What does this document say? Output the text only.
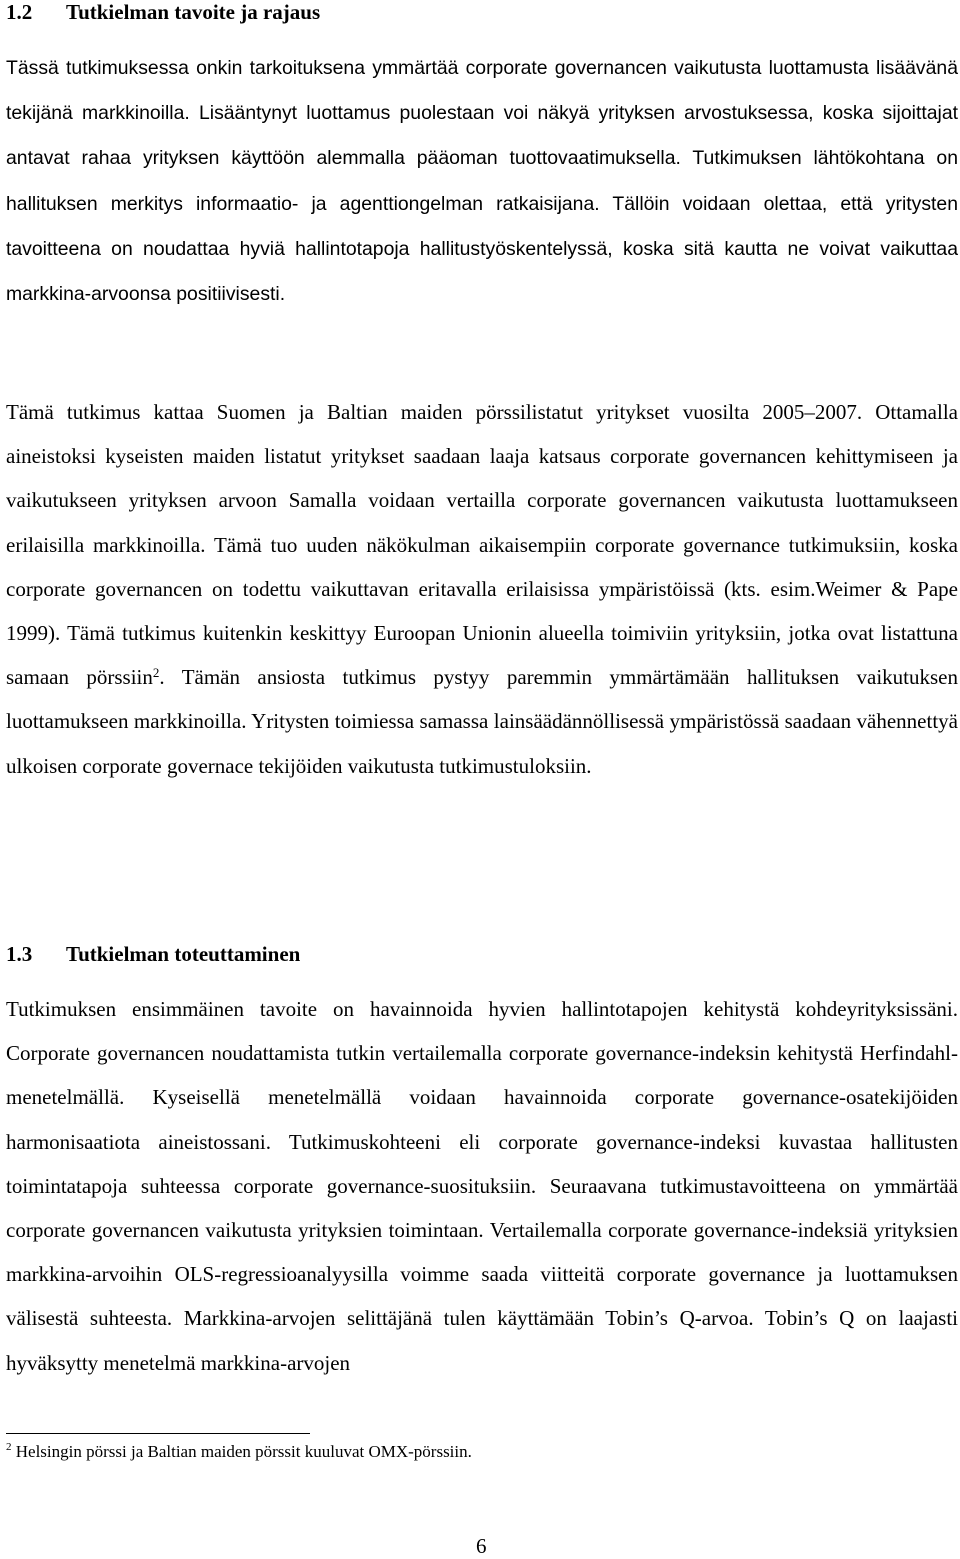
1.2 Tutkielman tavoite ja rajaus

Tässä tutkimuksessa onkin tarkoituksena ymmärtää corporate governancen vaikutusta luottamusta lisäävänä tekijänä markkinoilla. Lisääntynyt luottamus puolestaan voi näkyä yrityksen arvostuksessa, koska sijoittajat antavat rahaa yrityksen käyttöön alemmalla pääoman tuottovaatimuksella. Tutkimuksen lähtökohtana on hallituksen merkitys informaatio- ja agenttiongelman ratkaisijana. Tällöin voidaan olettaa, että yritysten tavoitteena on noudattaa hyviä hallintotapoja hallitustyöskentelyssä, koska sitä kautta ne voivat vaikuttaa markkina-arvoonsa positiivisesti.

Tämä tutkimus kattaa Suomen ja Baltian maiden pörssilistatut yritykset vuosilta 2005–2007. Ottamalla aineistoksi kyseisten maiden listatut yritykset saadaan laaja katsaus corporate governancen kehittymiseen ja vaikutukseen yrityksen arvoon Samalla voidaan vertailla corporate governancen vaikutusta luottamukseen erilaisilla markkinoilla. Tämä tuo uuden näkökulman aikaisempiin corporate governance tutkimuksiin, koska corporate governancen on todettu vaikuttavan eritavalla erilaisissa ympäristöissä (kts. esim.Weimer & Pape 1999). Tämä tutkimus kuitenkin keskittyy Euroopan Unionin alueella toimiviin yrityksiin, jotka ovat listattuna samaan pörssiin$^2$. Tämän ansiosta tutkimus pystyy paremmin ymmärtämään hallituksen vaikutuksen luottamukseen markkinoilla. Yritysten toimiessa samassa lainsäädännöllisessä ympäristössä saadaan vähennettyä ulkoisen corporate governace tekijöiden vaikutusta tutkimustuloksiin.

1.3 Tutkielman toteuttaminen

Tutkimuksen ensimmäinen tavoite on havainnoida hyvien hallintotapojen kehitystä kohdeyrityksissäni. Corporate governancen noudattamista tutkin vertailemalla corporate governance-indeksin kehitystä Herfindahl-menetelmällä. Kyseisellä menetelmällä voidaan havainnoida corporate governance-osatekijöiden harmonisaatiota aineistossani. Tutkimuskohteeni eli corporate governance-indeksi kuvastaa hallitusten toimintatapoja suhteessa corporate governance-suosituksiin. Seuraavana tutkimustavoitteena on ymmärtää corporate governancen vaikutusta yrityksien toimintaan. Vertailemalla corporate governance-indeksiä yrityksien markkina-arvoihin OLS-regressioanalyysilla voimme saada viitteitä corporate governance ja luottamuksen välisestä suhteesta. Markkina-arvojen selittäjänä tulen käyttämään Tobin’s Q-arvoa. Tobin’s Q on laajasti hyväksytty menetelmä markkina-arvojen

$^2$ Helsingin pörssi ja Baltian maiden pörssit kuuluvat OMX-pörssiin.
6
